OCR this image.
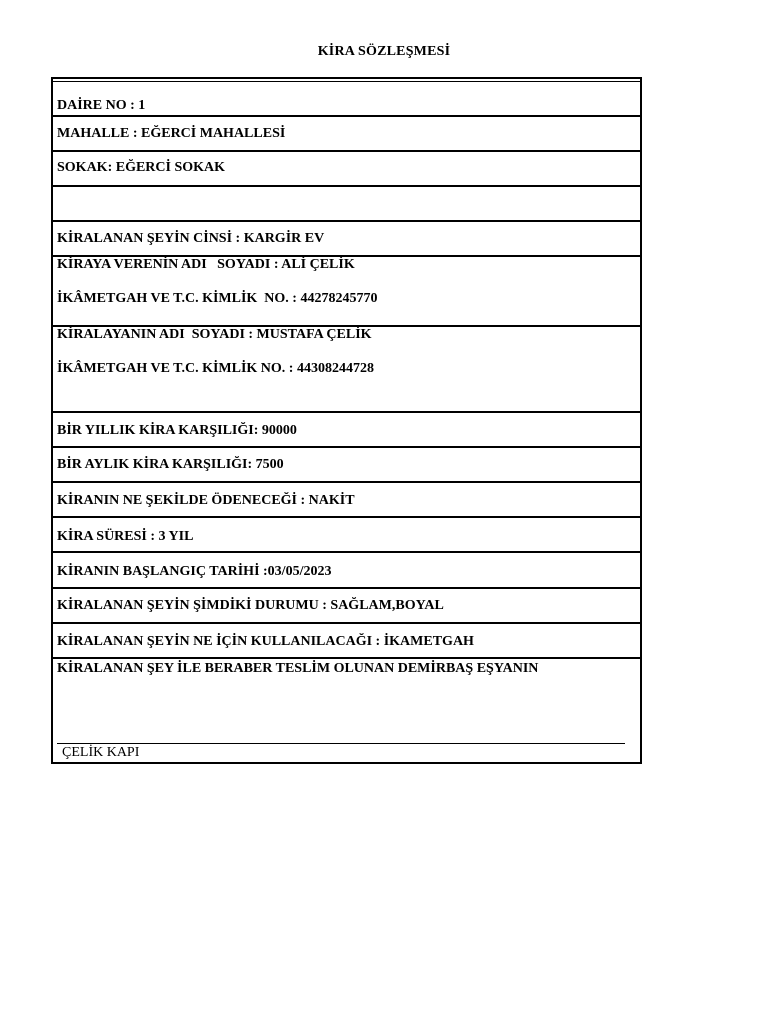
KİRA SÖZLEŞMESİ
DAİRE NO : 1
MAHALLE : EĞERCİ MAHALLESİ
SOKAK: EĞERCİ SOKAK
KİRALANAN ŞEYİN CİNSİ : KARGİR EV
KİRAYA VERENİN ADI   SOYADI : ALİ ÇELİK
İKÂMETGAH VE T.C. KİMLİK  NO. : 44278245770
KİRALAYANIN ADI  SOYADI : MUSTAFA ÇELİK
İKÂMETGAH VE T.C. KİMLİK NO. : 44308244728
BİR YILLIK KİRA KARŞILIĞI: 90000
BİR AYLIK KİRA KARŞILIĞI: 7500
KİRANIN NE ŞEKİLDE ÖDENECEĞİ : NAKİT
KİRA SÜRESİ : 3 YIL
KİRANIN BAŞLANGIÇ TARİHİ :03/05/2023
KİRALANAN ŞEYİN ŞİMDİKİ DURUMU : SAĞLAM,BOYAL
KİRALANAN ŞEYİN NE İÇİN KULLANILACAĞI : İKAMETGAH
KİRALANAN ŞEY İLE BERABER TESLİM OLUNAN DEMİRBAŞ EŞYANIN
ÇELİK KAPI
